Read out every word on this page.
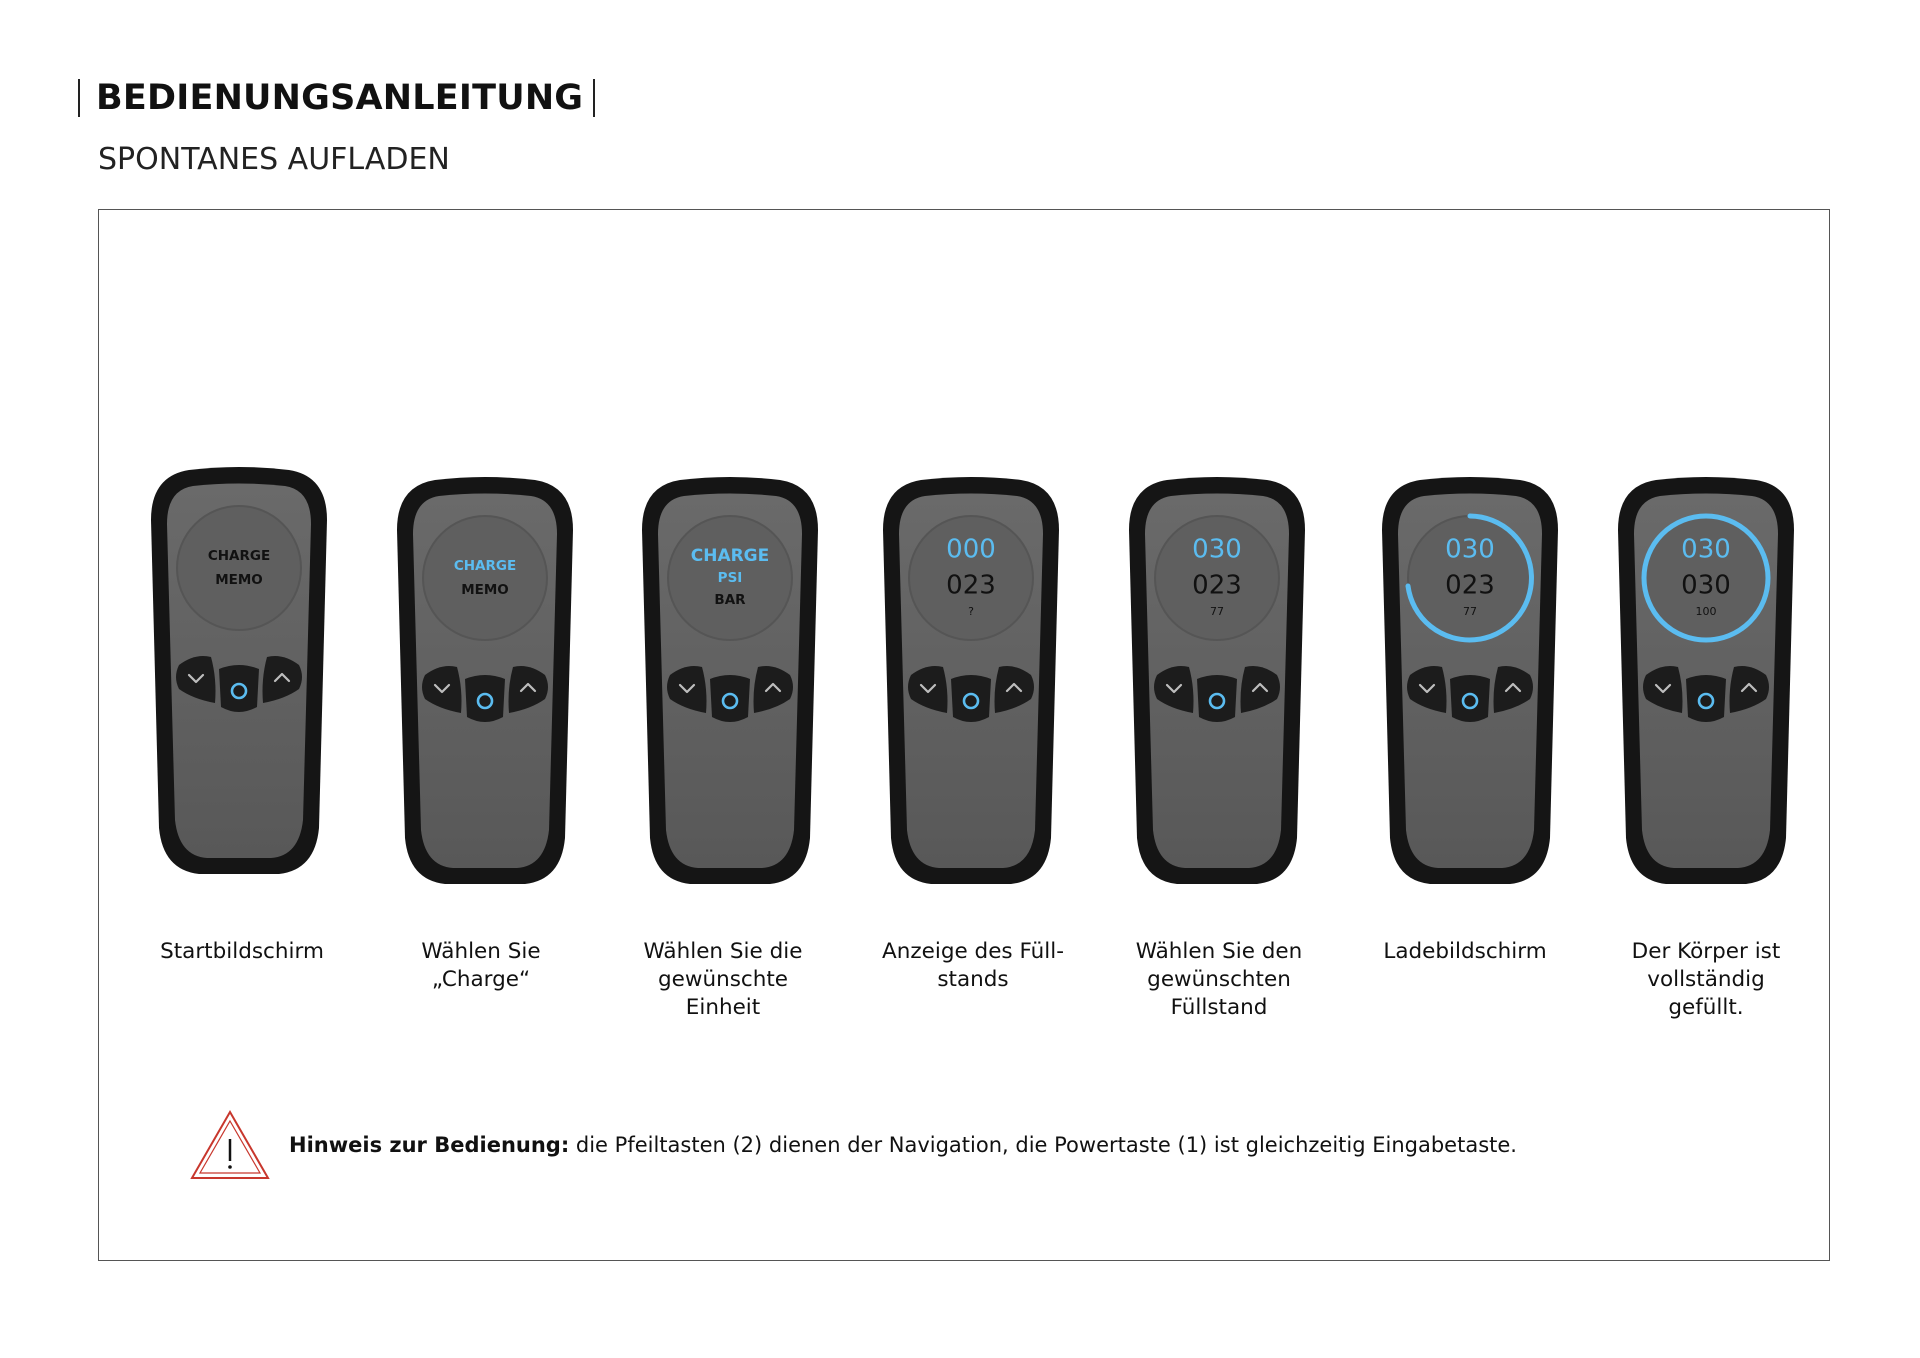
BEDIENUNGSANLEITUNG
SPONTANES AUFLADEN
CHARGE
MEMO
Startbildschirm
CHARGE
MEMO
Wählen Sie
„Charge“
CHARGE
PSI
BAR
Wählen Sie die
gewünschte
Einheit
000
023
?
Anzeige des Füll-
stands
030
023
77
Wählen Sie den
gewünschten
Füllstand
030
023
77
Ladebildschirm
030
030
100
Der Körper ist
vollständig
gefüllt.
Hinweis zur Bedienung: die Pfeiltasten (2) dienen der Navigation, die Powertaste (1) ist gleichzeitig Eingabetaste.
